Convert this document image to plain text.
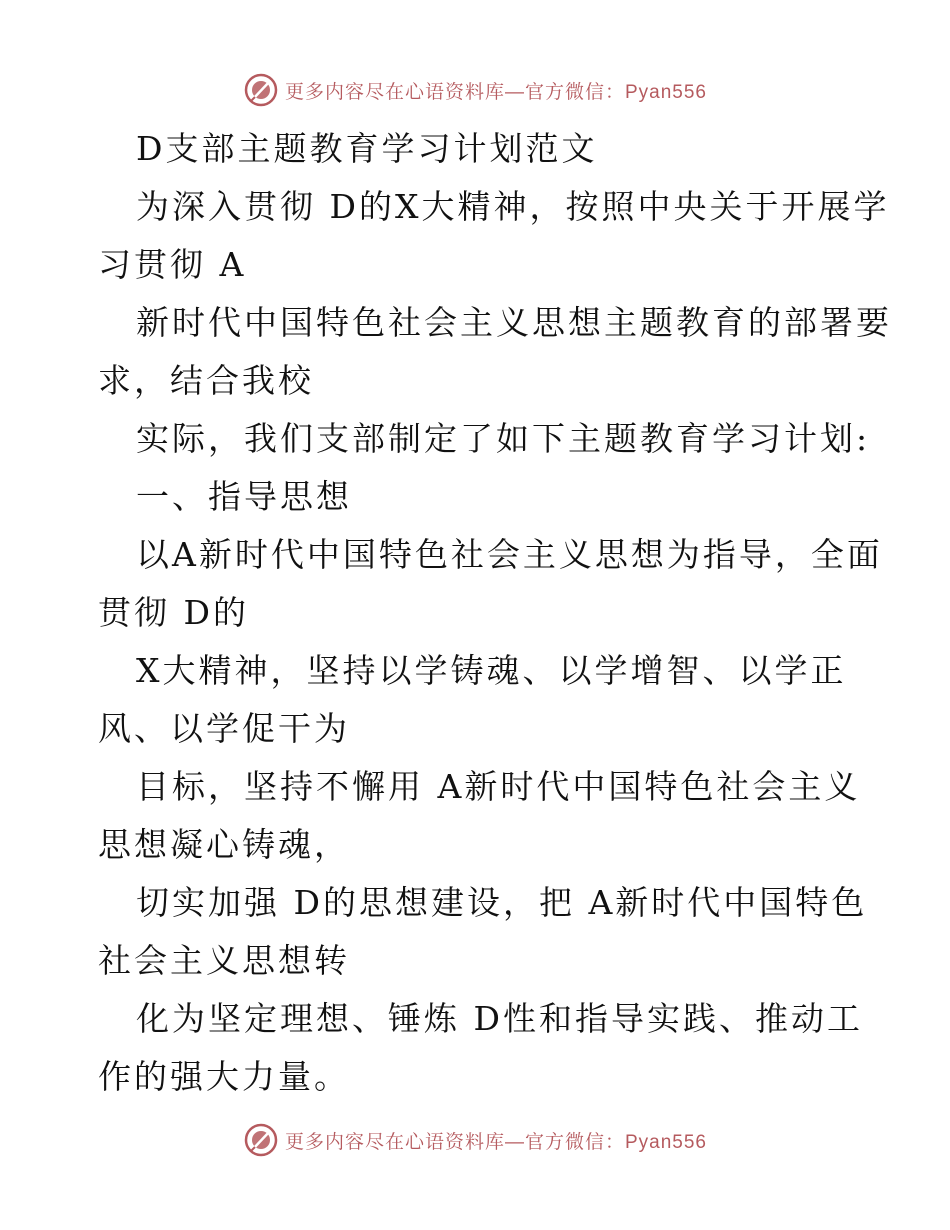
更多内容尽在心语资料库—官方微信：Pyan556
D支部主题教育学习计划范文
为深入贯彻 D的X大精神，按照中央关于开展学
习贯彻 A
新时代中国特色社会主义思想主题教育的部署要
求，结合我校
实际，我们支部制定了如下主题教育学习计划:
一、指导思想
以A新时代中国特色社会主义思想为指导，全面
贯彻 D的
X大精神，坚持以学铸魂、以学增智、以学正
风、以学促干为
目标，坚持不懈用 A新时代中国特色社会主义
思想凝心铸魂，
切实加强 D的思想建设，把 A新时代中国特色
社会主义思想转
化为坚定理想、锤炼 D性和指导实践、推动工
作的强大力量。
更多内容尽在心语资料库—官方微信：Pyan556
